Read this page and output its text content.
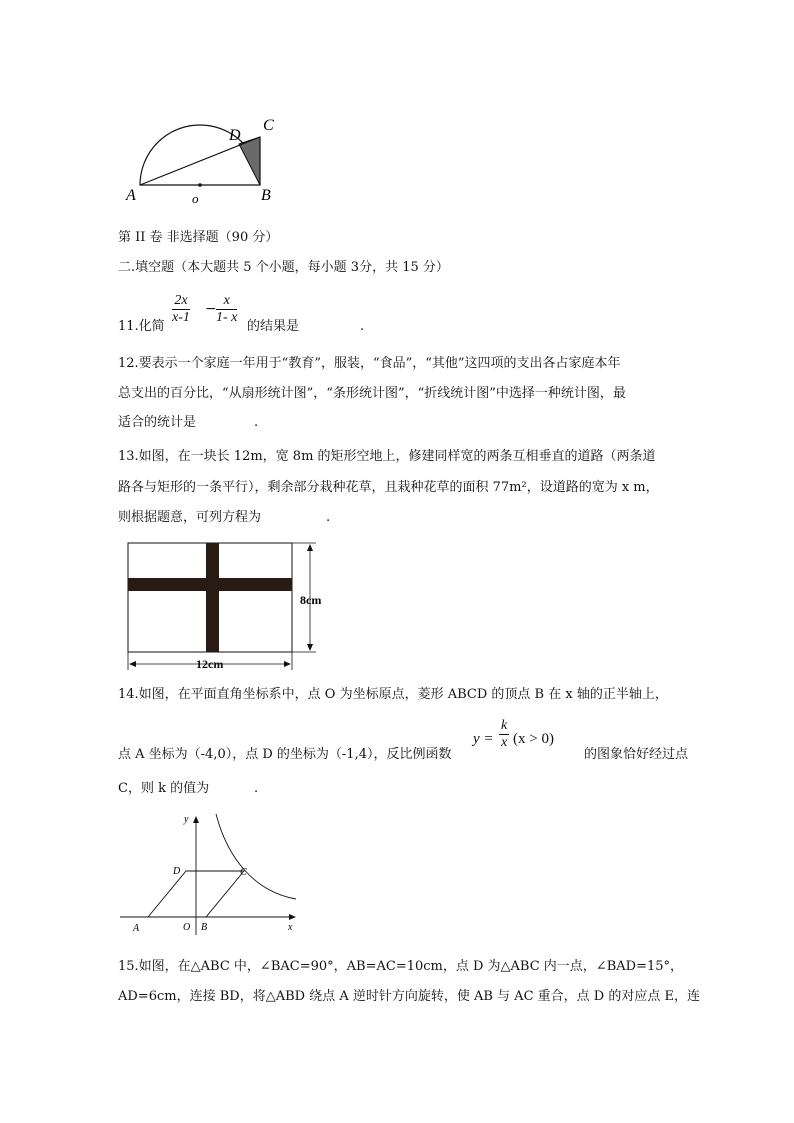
A	B
C
D
o
第 II 卷 非选择题（90 分）
二.填空题（本大题共 5 个小题，每小题 3分，共 15 分）
$\frac{2x}{x-1} - \frac{x}{1- x}$
11.化简	的结果是	.
12.要表示一个家庭一年用于“教育”，服装，“食品”，“其他”这四项的支出各占家庭本年
总支出的百分比，“从扇形统计图”，“条形统计图”，“折线统计图”中选择一种统计图，最
适合的统计是	.
13.如图，在一块长 12m，宽 8m 的矩形空地上，修建同样宽的两条互相垂直的道路（两条道
路各与矩形的一条平行），剩余部分栽种花草，且栽种花草的面积 77m²，设道路的宽为 x m，
则根据题意，可列方程为	.
8cm
12cm
14.如图，在平面直角坐标系中，点 O 为坐标原点，菱形 ABCD 的顶点 B 在 x 轴的正半轴上，
点 A 坐标为（-4,0），点 D 的坐标为（-1,4），反比例函数
$y = \frac{k}{x} (x > 0)$
的图象恰好经过点
C，则 k 的值为	.
y
x
O
A	B
C
D
15.如图，在△ABC 中，∠BAC=90°，AB=AC=10cm，点 D 为△ABC 内一点，∠BAD=15°，
AD=6cm，连接 BD，将△ABD 绕点 A 逆时针方向旋转，使 AB 与 AC 重合，点 D 的对应点 E，连
